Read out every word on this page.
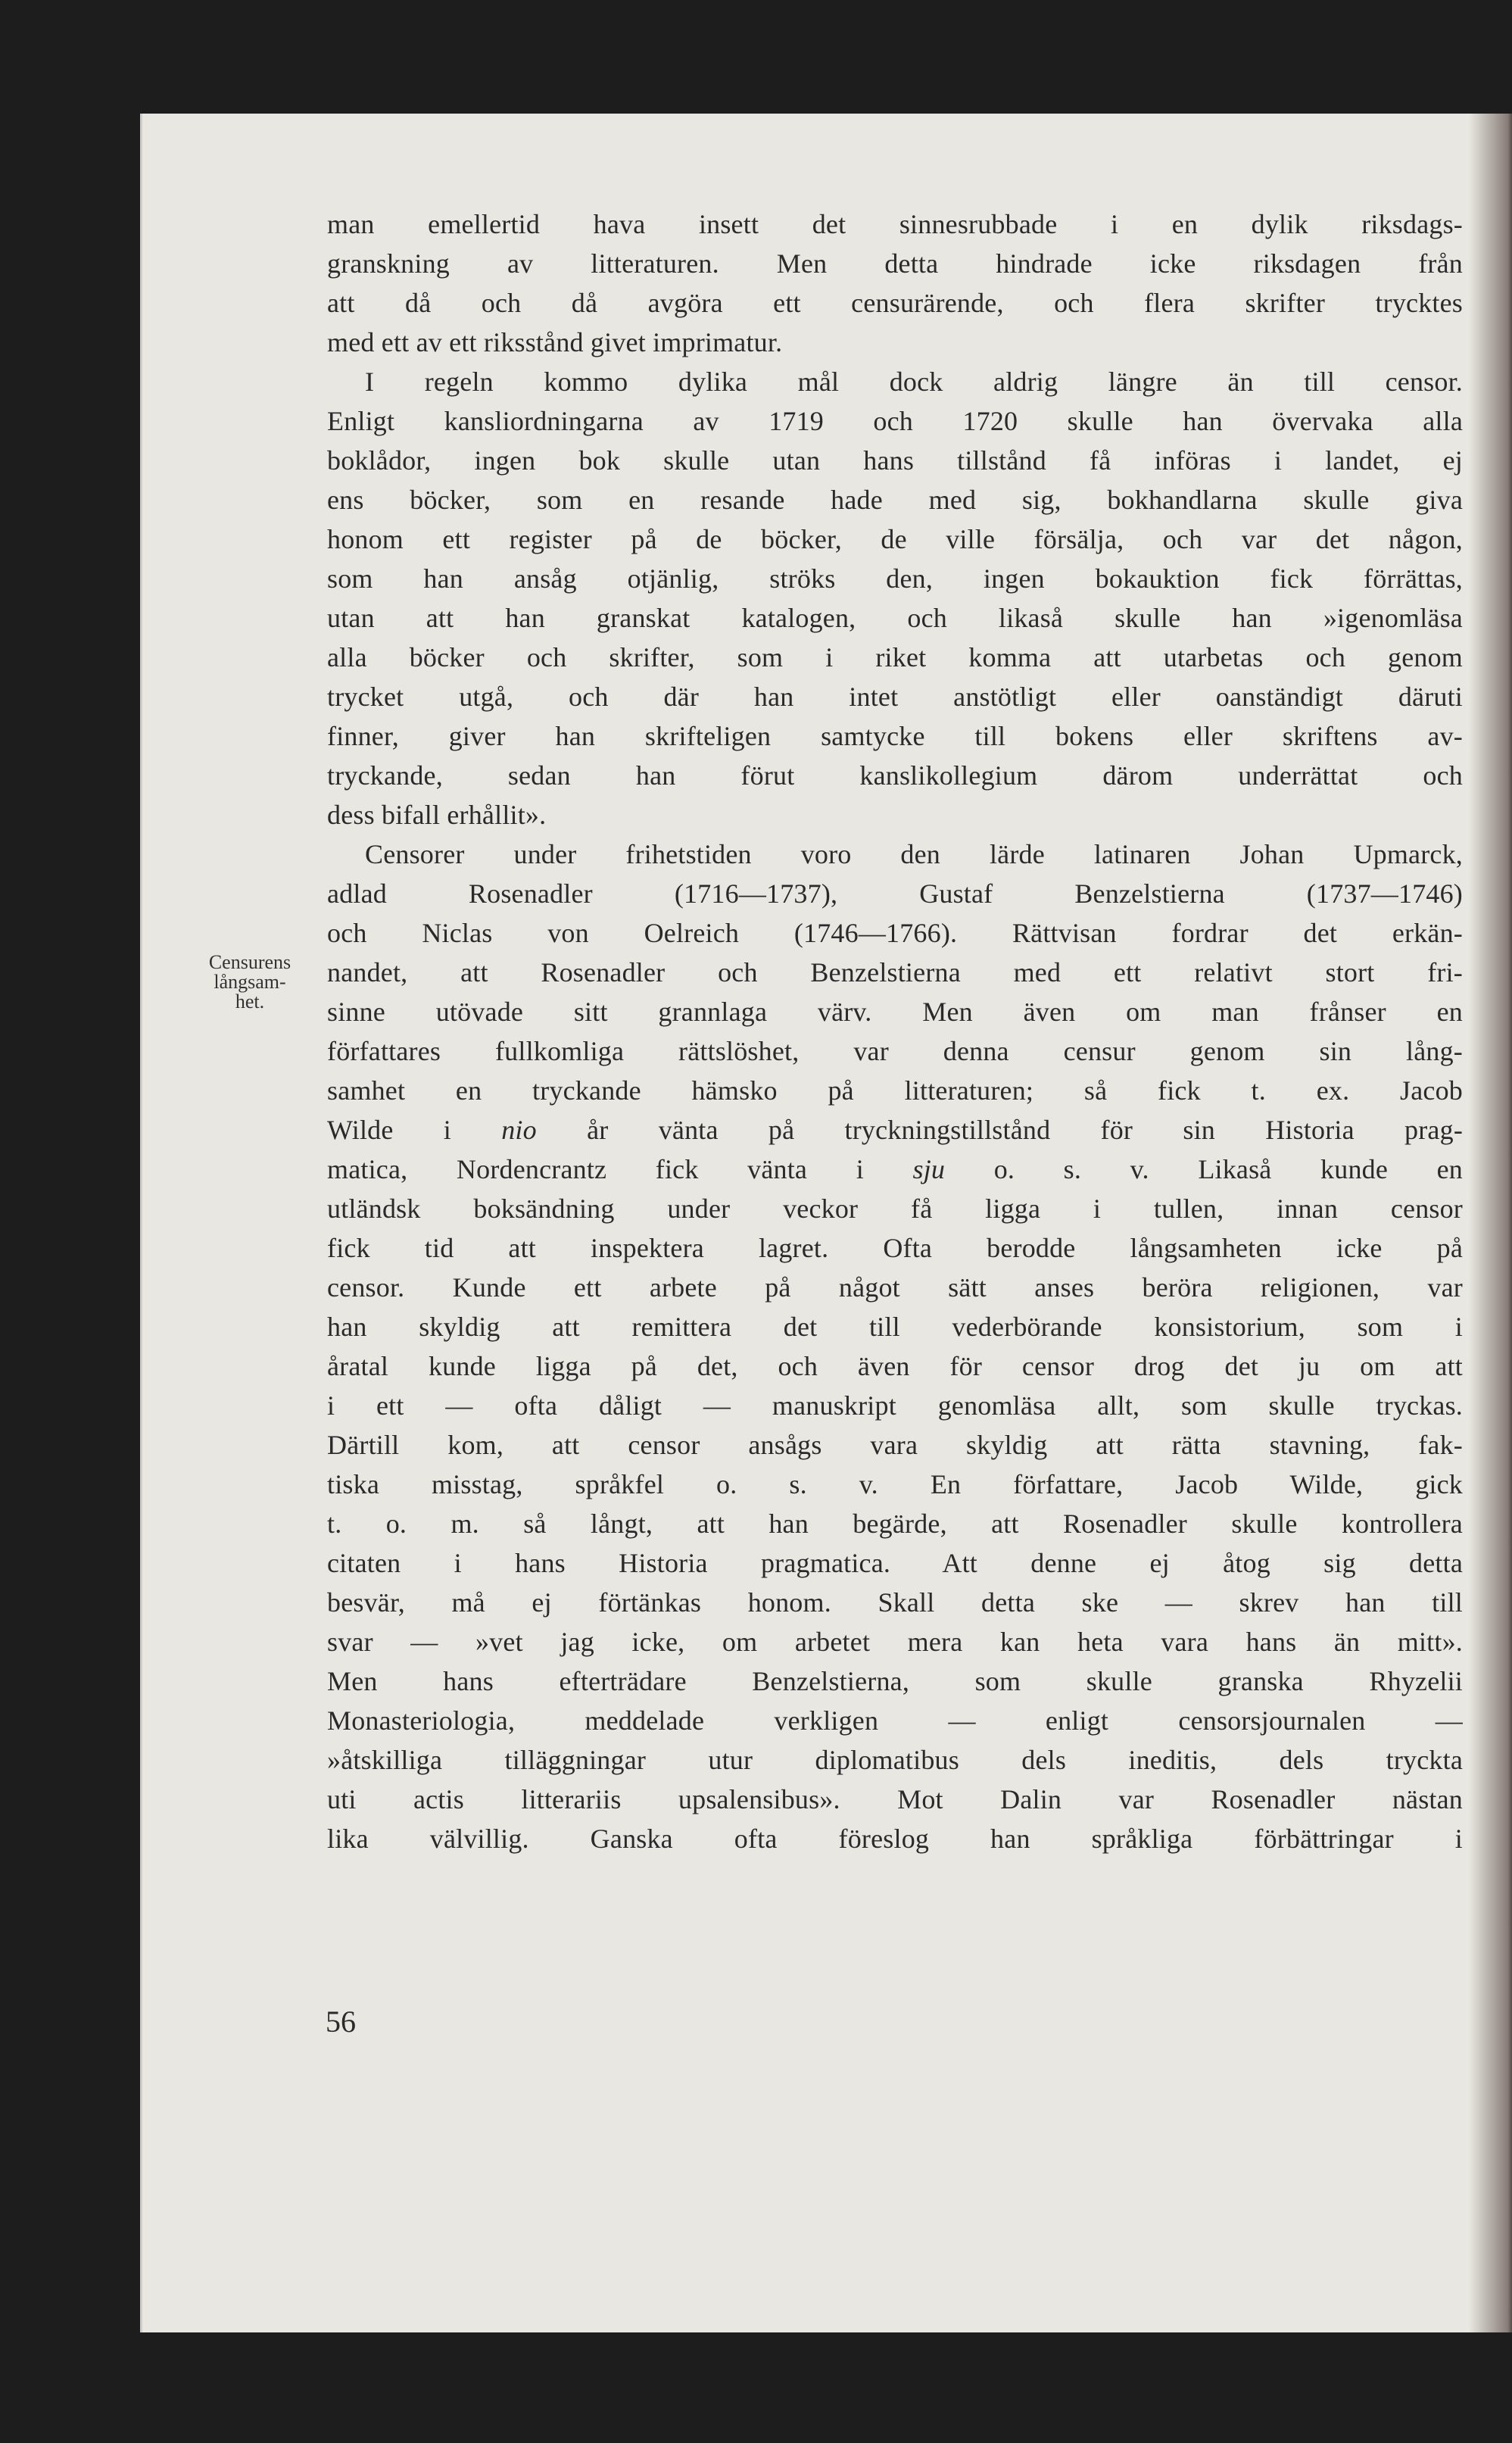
Censurens
långsam-
het.
man emellertid hava insett det sinnesrubbade i en dylik riksdags-
granskning av litteraturen. Men detta hindrade icke riksdagen från
att då och då avgöra ett censurärende, och flera skrifter trycktes
med ett av ett riksstånd givet imprimatur.
I regeln kommo dylika mål dock aldrig längre än till censor.
Enligt kansliordningarna av 1719 och 1720 skulle han övervaka alla
boklådor, ingen bok skulle utan hans tillstånd få införas i landet, ej
ens böcker, som en resande hade med sig, bokhandlarna skulle giva
honom ett register på de böcker, de ville försälja, och var det någon,
som han ansåg otjänlig, ströks den, ingen bokauktion fick förrättas,
utan att han granskat katalogen, och likaså skulle han »igenomläsa
alla böcker och skrifter, som i riket komma att utarbetas och genom
trycket utgå, och där han intet anstötligt eller oanständigt däruti
finner, giver han skrifteligen samtycke till bokens eller skriftens av-
tryckande, sedan han förut kanslikollegium därom underrättat och
dess bifall erhållit».
Censorer under frihetstiden voro den lärde latinaren Johan Upmarck,
adlad Rosenadler (1716—1737), Gustaf Benzelstierna (1737—1746)
och Niclas von Oelreich (1746—1766). Rättvisan fordrar det erkän-
nandet, att Rosenadler och Benzelstierna med ett relativt stort fri-
sinne utövade sitt grannlaga värv. Men även om man frånser en
författares fullkomliga rättslöshet, var denna censur genom sin lång-
samhet en tryckande hämsko på litteraturen; så fick t. ex. Jacob
Wilde i nio år vänta på tryckningstillstånd för sin Historia prag-
matica, Nordencrantz fick vänta i sju o. s. v. Likaså kunde en
utländsk boksändning under veckor få ligga i tullen, innan censor
fick tid att inspektera lagret. Ofta berodde långsamheten icke på
censor. Kunde ett arbete på något sätt anses beröra religionen, var
han skyldig att remittera det till vederbörande konsistorium, som i
åratal kunde ligga på det, och även för censor drog det ju om att
i ett — ofta dåligt — manuskript genomläsa allt, som skulle tryckas.
Därtill kom, att censor ansågs vara skyldig att rätta stavning, fak-
tiska misstag, språkfel o. s. v. En författare, Jacob Wilde, gick
t. o. m. så långt, att han begärde, att Rosenadler skulle kontrollera
citaten i hans Historia pragmatica. Att denne ej åtog sig detta
besvär, må ej förtänkas honom. Skall detta ske — skrev han till
svar — »vet jag icke, om arbetet mera kan heta vara hans än mitt».
Men hans efterträdare Benzelstierna, som skulle granska Rhyzelii
Monasteriologia, meddelade verkligen — enligt censorsjournalen —
»åtskilliga tilläggningar utur diplomatibus dels ineditis, dels tryckta
uti actis litterariis upsalensibus». Mot Dalin var Rosenadler nästan
lika välvillig. Ganska ofta föreslog han språkliga förbättringar i
56
